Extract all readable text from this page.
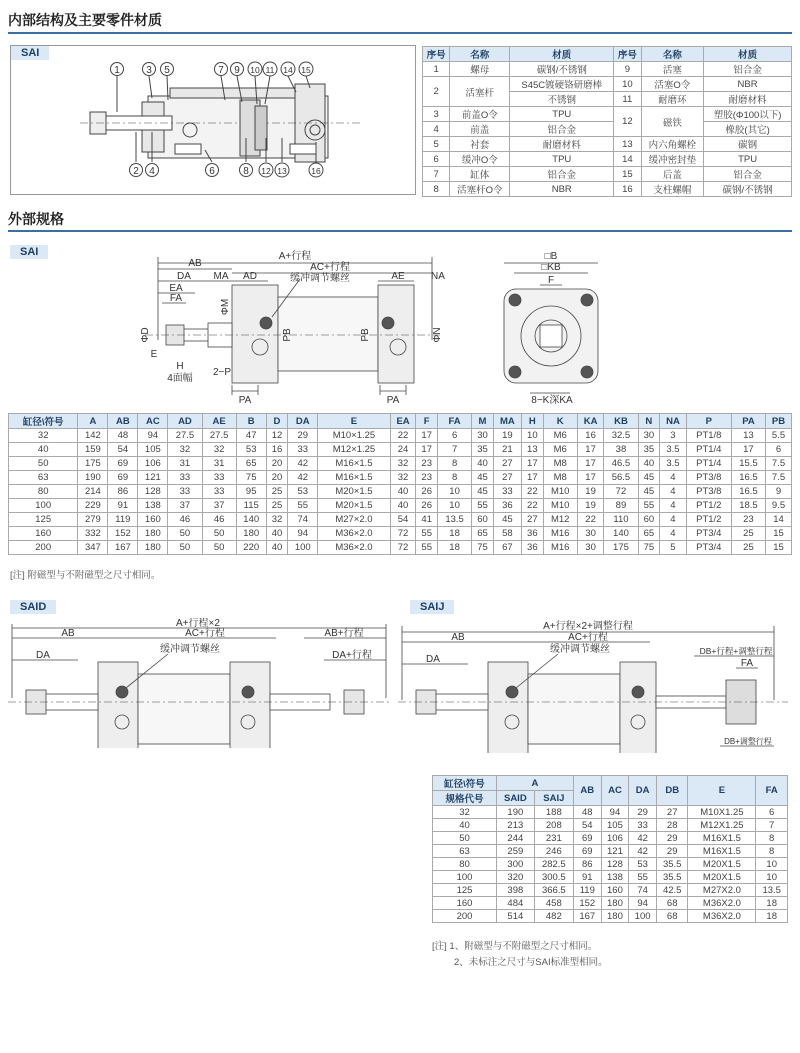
内部结构及主要零件材质
SAI
1	3 5	7 9 10 11 14 15
2 4	6	8 12 13	16
序号	名称	材质	序号	名称	材质
1	螺母	碳钢/不锈钢	9	活塞	铝合金
2	活塞杆	S45C镀硬铬研磨棒	10	活塞O令	NBR
		不锈钢	11	耐磨环	耐磨材料
3	前盖O令	TPU	12	磁铁	塑胶(Φ100以下)
4	前盖	铝合金			橡胶(其它)
5	衬套	耐磨材料	13	内六角螺栓	碳钢
6	缓冲O令	TPU	14	缓冲密封垫	TPU
7	缸体	铝合金	15	后盖	铝合金
8	活塞杆O令	NBR	16	支柱螺帽	碳钢/不锈钢
外部规格
SAI	A+行程
AC+行程
AB
DA MA AD	AE	NA
EA
FA
缓冲调节螺丝
E
H
4面幅
2−P
PA	PA
PB	PB
ΦM
ΦD	ΦN
□B
□KB
F
8−K深KA
缸径\符号	A	AB	AC	AD	AE	B	D	DA	E	EA	F	FA	M	MA	H	K	KA	KB	N	NA	P	PA	PB
32	142	48	94	27.5	27.5	47	12	29	M10×1.25	22	17	6	30	19	10	M6	16	32.5	30	3	PT1/8	13	5.5
40	159	54	105	32	32	53	16	33	M12×1.25	24	17	7	35	21	13	M6	17	38	35	3.5	PT1/4	17	6
50	175	69	106	31	31	65	20	42	M16×1.5	32	23	8	40	27	17	M8	17	46.5	40	3.5	PT1/4	15.5	7.5
63	190	69	121	33	33	75	20	42	M16×1.5	32	23	8	45	27	17	M8	17	56.5	45	4	PT3/8	16.5	7.5
80	214	86	128	33	33	95	25	53	M20×1.5	40	26	10	45	33	22	M10	19	72	45	4	PT3/8	16.5	9
100	229	91	138	37	37	115	25	55	M20×1.5	40	26	10	55	36	22	M10	19	89	55	4	PT1/2	18.5	9.5
125	279	119	160	46	46	140	32	74	M27×2.0	54	41	13.5	60	45	27	M12	22	110	60	4	PT1/2	23	14
160	332	152	180	50	50	180	40	94	M36×2.0	72	55	18	65	58	36	M16	30	140	65	4	PT3/4	25	15
200	347	167	180	50	50	220	40	100	M36×2.0	72	55	18	75	67	36	M16	30	175	75	5	PT3/4	25	15
[注] 附磁型与不附磁型之尺寸相同。
SAID
A+行程×2
AB	AC+行程	AB+行程
DA	DA+行程
缓冲调节螺丝
SAIJ
A+行程×2+调整行程
AB	AC+行程
DA
DB+行程+调整行程
FA
缓冲调节螺丝
DB+调整行程
缸径\符号	A		AB	AC	DA	DB	E	FA
规格代号	SAID	SAIJ						
32	190	188	48	94	29	27	M10X1.25	6
40	213	208	54	105	33	28	M12X1.25	7
50	244	231	69	106	42	29	M16X1.5	8
63	259	246	69	121	42	29	M16X1.5	8
80	300	282.5	86	128	53	35.5	M20X1.5	10
100	320	300.5	91	138	55	35.5	M20X1.5	10
125	398	366.5	119	160	74	42.5	M27X2.0	13.5
160	484	458	152	180	94	68	M36X2.0	18
200	514	482	167	180	100	68	M36X2.0	18
[注] 1、附磁型与不附磁型之尺寸相同。
2、未标注之尺寸与SAI标准型相同。
